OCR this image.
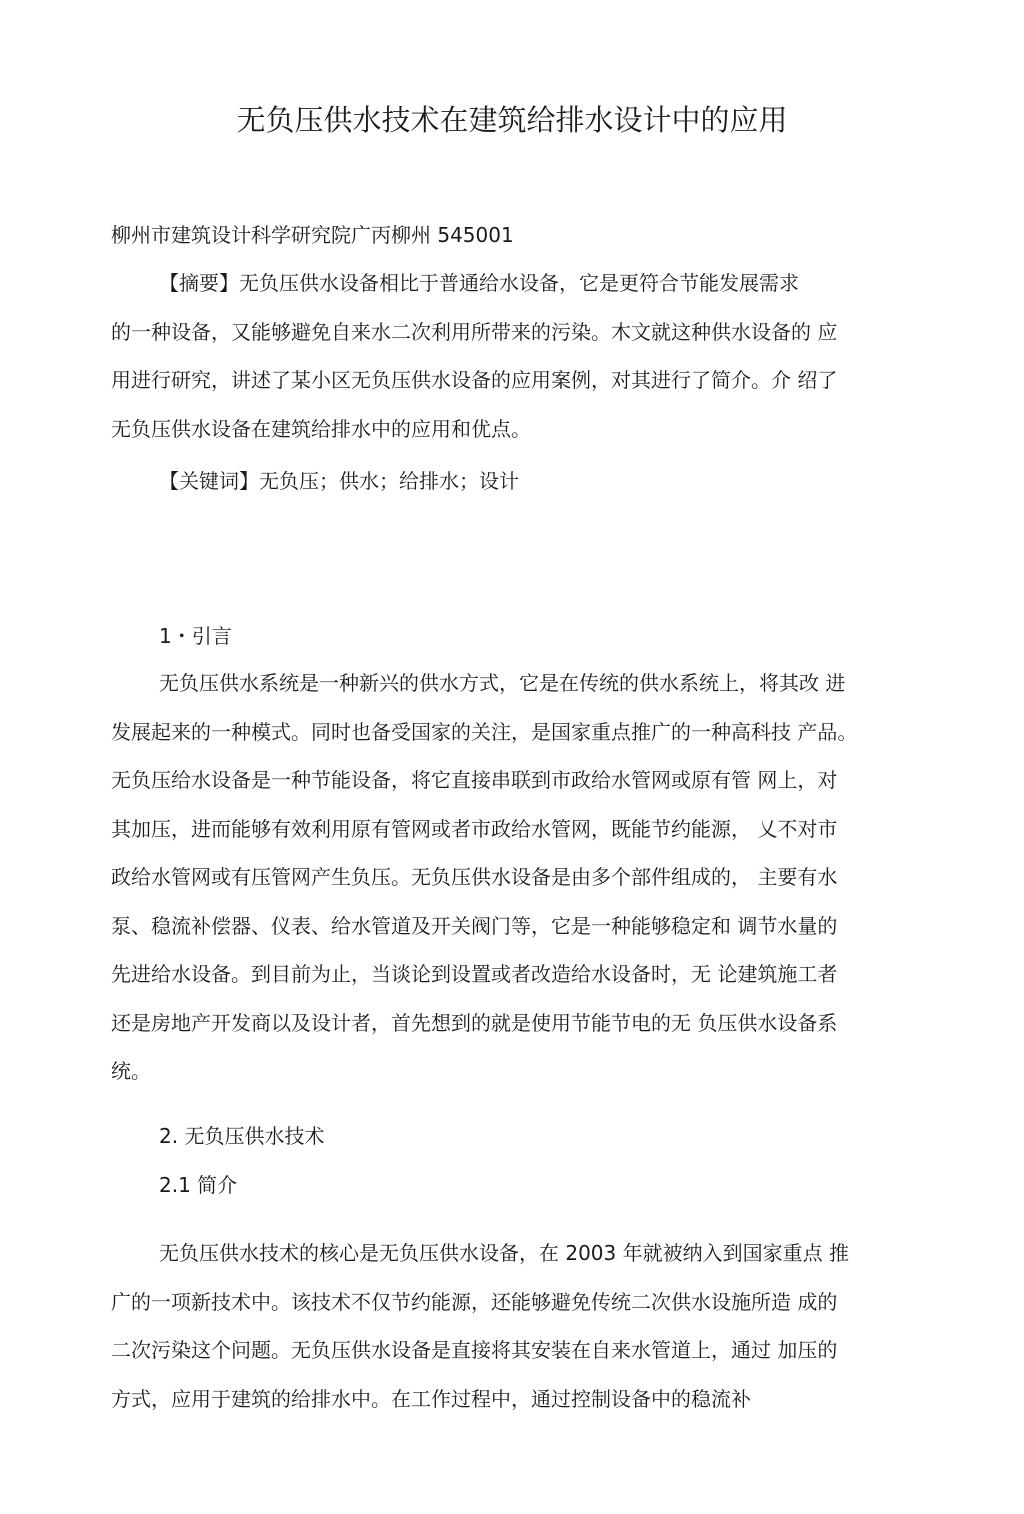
无负压供水技术在建筑给排水设计中的应用
柳州市建筑设计科学研究院广丙柳州 545001
【摘要】无负压供水设备相比于普通给水设备，它是更符合节能发展需求
的一种设备，又能够避免自来水二次利用所带来的污染。木文就这种供水设备的 应
用进行研究，讲述了某小区无负压供水设备的应用案例，对其进行了简介。介 绍了
无负压供水设备在建筑给排水中的应用和优点。
【关键词】无负压；供水；给排水；设计
1・引言
无负压供水系统是一种新兴的供水方式，它是在传统的供水系统上，将其改 进
发展起来的一种模式。同时也备受国家的关注，是国家重点推广的一种高科技 产品。
无负压给水设备是一种节能设备，将它直接串联到市政给水管网或原有管 网上，对
其加压，进而能够有效利用原有管网或者市政给水管网，既能节约能源， 乂不对市
政给水管网或有压管网产生负压。无负压供水设备是由多个部件组成的， 主要有水
泵、稳流补偿器、仪表、给水管道及开关阀门等，它是一种能够稳定和 调节水量的
先进给水设备。到目前为止，当谈论到设置或者改造给水设备时，无 论建筑施工者
还是房地产开发商以及设计者，首先想到的就是使用节能节电的无 负压供水设备系
统。
2. 无负压供水技术
2.1 简介
无负压供水技术的核心是无负压供水设备，在 2003 年就被纳入到国家重点 推
广的一项新技术中。该技术不仅节约能源，还能够避免传统二次供水设施所造 成的
二次污染这个问题。无负压供水设备是直接将其安装在自来水管道上，通过 加压的
方式，应用于建筑的给排水中。在工作过程中，通过控制设备中的稳流补
